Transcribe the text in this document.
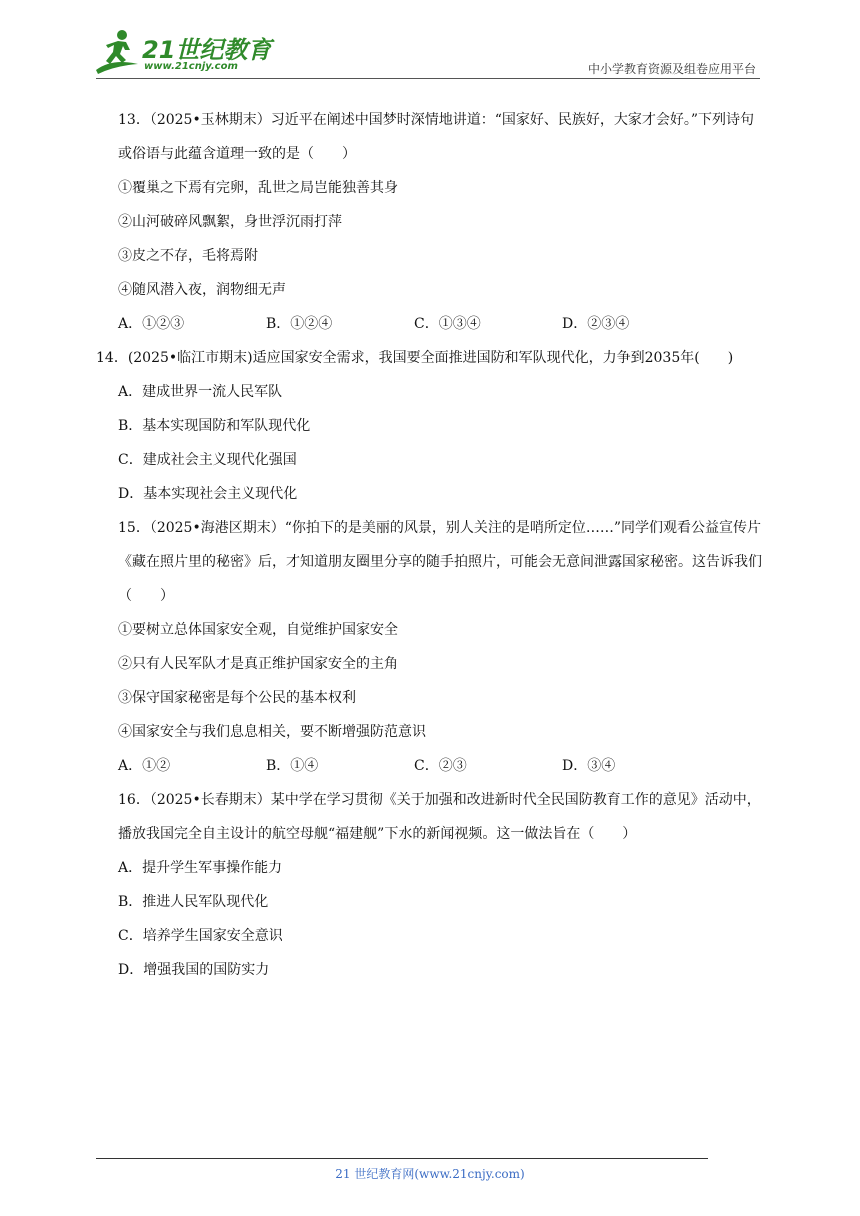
21世纪教育
www.21cnjy.com	中小学教育资源及组卷应用平台

13．（2025•玉林期末）习近平在阐述中国梦时深情地讲道：“国家好、民族好，大家才会好。”下列诗句或俗语与此蕴含道理一致的是（　　）

①覆巢之下焉有完卵，乱世之局岂能独善其身

②山河破碎风飘絮，身世浮沉雨打萍

③皮之不存，毛将焉附

④随风潜入夜，润物细无声

A．①②③	B．①②④	C．①③④	D．②③④

14．(2025•临江市期末)适应国家安全需求，我国要全面推进国防和军队现代化，力争到2035年(　　)

A．建成世界一流人民军队

B．基本实现国防和军队现代化

C．建成社会主义现代化强国

D．基本实现社会主义现代化

15．（2025•海港区期末）“你拍下的是美丽的风景，别人关注的是哨所定位……”同学们观看公益宣传片《藏在照片里的秘密》后，才知道朋友圈里分享的随手拍照片，可能会无意间泄露国家秘密。这告诉我们（　　）

①要树立总体国家安全观，自觉维护国家安全

②只有人民军队才是真正维护国家安全的主角

③保守国家秘密是每个公民的基本权利

④国家安全与我们息息相关，要不断增强防范意识

A．①②	B．①④	C．②③	D．③④

16．（2025•长春期末）某中学在学习贯彻《关于加强和改进新时代全民国防教育工作的意见》活动中，播放我国完全自主设计的航空母舰“福建舰”下水的新闻视频。这一做法旨在（　　）

A．提升学生军事操作能力

B．推进人民军队现代化

C．培养学生国家安全意识

D．增强我国的国防实力

21 世纪教育网(www.21cnjy.com)
